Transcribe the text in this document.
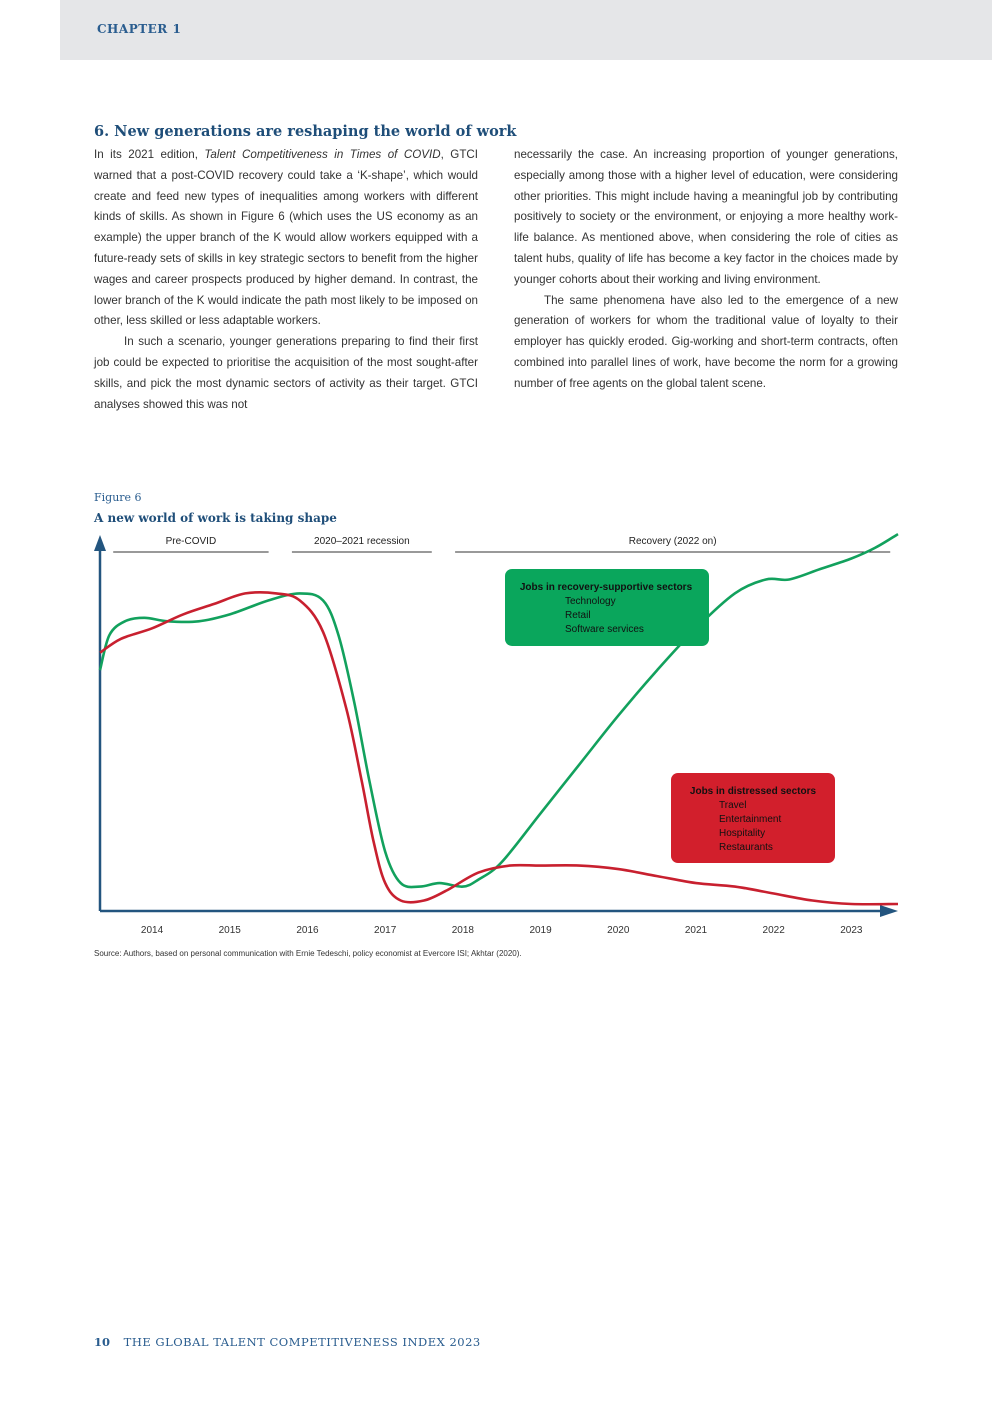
CHAPTER 1
6. New generations are reshaping the world of work

In its 2021 edition, Talent Competitiveness in Times of COVID, GTCI warned that a post-COVID recovery could take a ‘K-shape’, which would create and feed new types of inequalities among workers with different kinds of skills. As shown in Figure 6 (which uses the US economy as an example) the upper branch of the K would allow workers equipped with a future-ready sets of skills in key strategic sectors to benefit from the higher wages and career prospects produced by higher demand. In contrast, the lower branch of the K would indicate the path most likely to be imposed on other, less skilled or less adaptable workers.

In such a scenario, younger generations preparing to find their first job could be expected to prioritise the acquisition of the most sought-after skills, and pick the most dynamic sectors of activity as their target. GTCI analyses showed this was not

necessarily the case. An increasing proportion of younger generations, especially among those with a higher level of education, were considering other priorities. This might include having a meaningful job by contributing positively to society or the environment, or enjoying a more healthy work-life balance. As mentioned above, when considering the role of cities as talent hubs, quality of life has become a key factor in the choices made by younger cohorts about their working and living environment.

The same phenomena have also led to the emergence of a new generation of workers for whom the traditional value of loyalty to their employer has quickly eroded. Gig-working and short-term contracts, often combined into parallel lines of work, have become the norm for a growing number of free agents on the global talent scene.

Figure 6
A new world of work is taking shape
Pre-COVID	2020–2021 recession	Recovery (2022 on)
2014	2015	2016	2017	2018	2019	2020	2021	2022	2023
Jobs in recovery-supportive sectors
Technology
Retail
Software services
Jobs in distressed sectors
Travel
Entertainment
Hospitality
Restaurants
Source: Authors, based on personal communication with Ernie Tedeschi, policy economist at Evercore ISI; Akhtar (2020).
10 THE GLOBAL TALENT COMPETITIVENESS INDEX 2023
